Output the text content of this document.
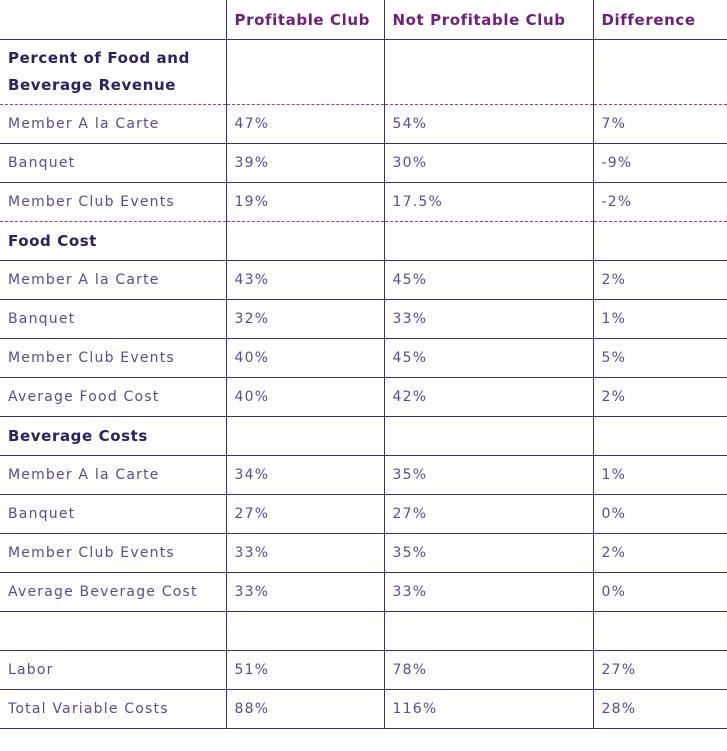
	Profitable Club	Not Profitable Club	Difference
Percent of Food and Beverage Revenue			
Member A la Carte	47%	54%	7%
Banquet	39%	30%	-9%
Member Club Events	19%	17.5%	-2%
Food Cost			
Member A la Carte	43%	45%	2%
Banquet	32%	33%	1%
Member Club Events	40%	45%	5%
Average Food Cost	40%	42%	2%
Beverage Costs			
Member A la Carte	34%	35%	1%
Banquet	27%	27%	0%
Member Club Events	33%	35%	2%
Average Beverage Cost	33%	33%	0%

Labor	51%	78%	27%
Total Variable Costs	88%	116%	28%
